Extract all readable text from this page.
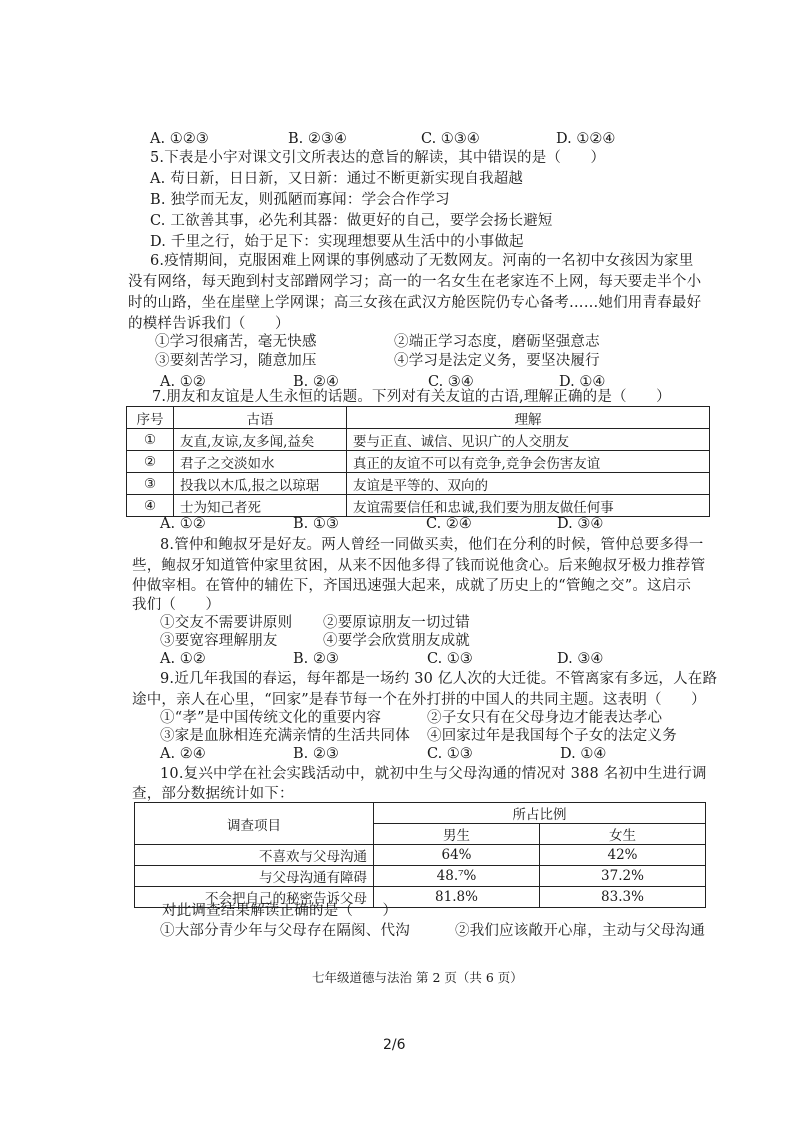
A. ①②③	B. ②③④	C. ①③④	D. ①②④
5.下表是小宇对课文引文所表达的意旨的解读，其中错误的是（　　）
A. 苟日新，日日新，又日新：通过不断更新实现自我超越
B. 独学而无友，则孤陋而寡闻：学会合作学习
C. 工欲善其事，必先利其器：做更好的自己，要学会扬长避短
D. 千里之行，始于足下：实现理想要从生活中的小事做起
6.疫情期间，克服困难上网课的事例感动了无数网友。河南的一名初中女孩因为家里
没有网络，每天跑到村支部蹭网学习；高一的一名女生在老家连不上网，每天要走半个小
时的山路，坐在崖壁上学网课；高三女孩在武汉方舱医院仍专心备考……她们用青春最好
的模样告诉我们（　　）
①学习很痛苦，毫无快感	②端正学习态度，磨砺坚强意志
③要刻苦学习，随意加压	④学习是法定义务，要坚决履行
A. ①②	B. ②④	C. ③④	D. ①④
7.朋友和友谊是人生永恒的话题。下列对有关友谊的古语,理解正确的是（　　）
序号	古语	理解
①	友直,友谅,友多闻,益矣	要与正直、诚信、见识广的人交朋友
②	君子之交淡如水	真正的友谊不可以有竞争,竞争会伤害友谊
③	投我以木瓜,报之以琼琚	友谊是平等的、双向的
④	士为知己者死	友谊需要信任和忠诚,我们要为朋友做任何事
A. ①②	B. ①③	C. ②④	D. ③④
8.管仲和鲍叔牙是好友。两人曾经一同做买卖，他们在分利的时候，管仲总要多得一
些，鲍叔牙知道管仲家里贫困，从来不因他多得了钱而说他贪心。后来鲍叔牙极力推荐管
仲做宰相。在管仲的辅佐下，齐国迅速强大起来，成就了历史上的“管鲍之交”。这启示
我们（　　）
①交友不需要讲原则 ②要原谅朋友一切过错
③要宽容理解朋友	④要学会欣赏朋友成就
A. ①②	B. ②③	C. ①③	D. ③④
9.近几年我国的春运，每年都是一场约 30 亿人次的大迁徙。不管离家有多远，人在路
途中，亲人在心里，“回家”是春节每一个在外打拼的中国人的共同主题。这表明（　　）
①“孝”是中国传统文化的重要内容	②子女只有在父母身边才能表达孝心
③家是血脉相连充满亲情的生活共同体 ④回家过年是我国每个子女的法定义务
A. ②④	B. ②③	C. ①③	D. ①④
10.复兴中学在社会实践活动中，就初中生与父母沟通的情况对 388 名初中生进行调
查，部分数据统计如下：
调查项目	所占比例	
	男生	女生
不喜欢与父母沟通	64%	42%
与父母沟通有障碍	48.⁷%	37.2%
不会把自己的秘密告诉父母	81.8%	83.3%
对此调查结果解读正确的是（　　）
①大部分青少年与父母存在隔阂、代沟	②我们应该敞开心扉，主动与父母沟通
七年级道德与法治 第 2 页（共 6 页）
2/6
